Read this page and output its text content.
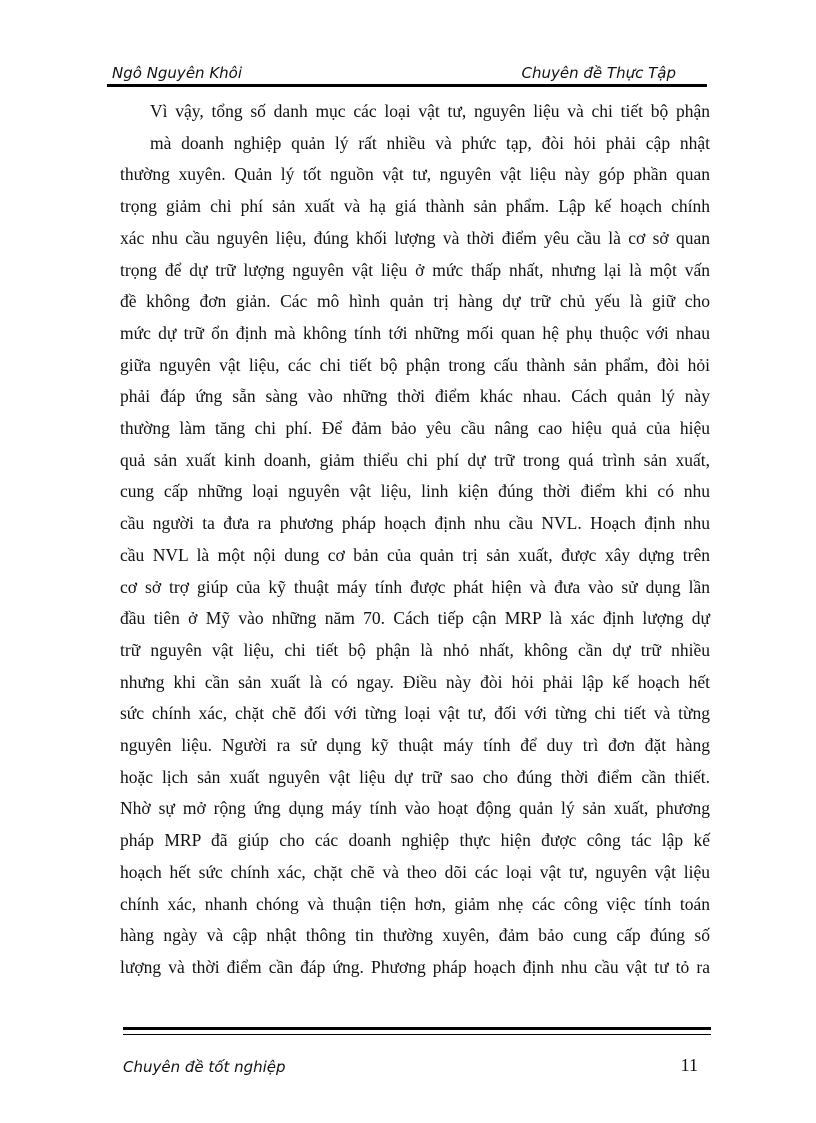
Ngô Nguyên Khôi	Chuyên đề Thực Tập
Vì vậy, tổng số danh mục các loại vật tư, nguyên liệu và chi tiết bộ phận
mà doanh nghiệp quản lý rất nhiều và phức tạp, đòi hỏi phải cập nhật
thường xuyên. Quản lý tốt nguồn vật tư, nguyên vật liệu này góp phần quan
trọng giảm chi phí sản xuất và hạ giá thành sản phẩm. Lập kế hoạch chính
xác nhu cầu nguyên liệu, đúng khối lượng và thời điểm yêu cầu là cơ sở quan
trọng để dự trữ lượng nguyên vật liệu ở mức thấp nhất, nhưng lại là một vấn
đề không đơn giản. Các mô hình quản trị hàng dự trữ chủ yếu là giữ cho
mức dự trữ ổn định mà không tính tới những mối quan hệ phụ thuộc với nhau
giữa nguyên vật liệu, các chi tiết bộ phận trong cấu thành sản phẩm, đòi hỏi
phải đáp ứng sẵn sàng vào những thời điểm khác nhau. Cách quản lý này
thường làm tăng chi phí. Để đảm bảo yêu cầu nâng cao hiệu quả của hiệu
quả sản xuất kinh doanh, giảm thiểu chi phí dự trữ trong quá trình sản xuất,
cung cấp những loại nguyên vật liệu, linh kiện đúng thời điểm khi có nhu
cầu người ta đưa ra phương pháp hoạch định nhu cầu NVL. Hoạch định nhu
cầu NVL là một nội dung cơ bản của quản trị sản xuất, được xây dựng trên
cơ sở trợ giúp của kỹ thuật máy tính được phát hiện và đưa vào sử dụng lần
đầu tiên ở Mỹ vào những năm 70. Cách tiếp cận MRP là xác định lượng dự
trữ nguyên vật liệu, chi tiết bộ phận là nhỏ nhất, không cần dự trữ nhiều
nhưng khi cần sản xuất là có ngay. Điều này đòi hỏi phải lập kế hoạch hết
sức chính xác, chặt chẽ đối với từng loại vật tư, đối với từng chi tiết và từng
nguyên liệu. Người ra sử dụng kỹ thuật máy tính để duy trì đơn đặt hàng
hoặc lịch sản xuất nguyên vật liệu dự trữ sao cho đúng thời điểm cần thiết.
Nhờ sự mở rộng ứng dụng máy tính vào hoạt động quản lý sản xuất, phương
pháp MRP đã giúp cho các doanh nghiệp thực hiện được công tác lập kế
hoạch hết sức chính xác, chặt chẽ và theo dõi các loại vật tư, nguyên vật liệu
chính xác, nhanh chóng và thuận tiện hơn, giảm nhẹ các công việc tính toán
hàng ngày và cập nhật thông tin thường xuyên, đảm bảo cung cấp đúng số
lượng và thời điểm cần đáp ứng. Phương pháp hoạch định nhu cầu vật tư tỏ ra
Chuyên đề tốt nghiệp	11
